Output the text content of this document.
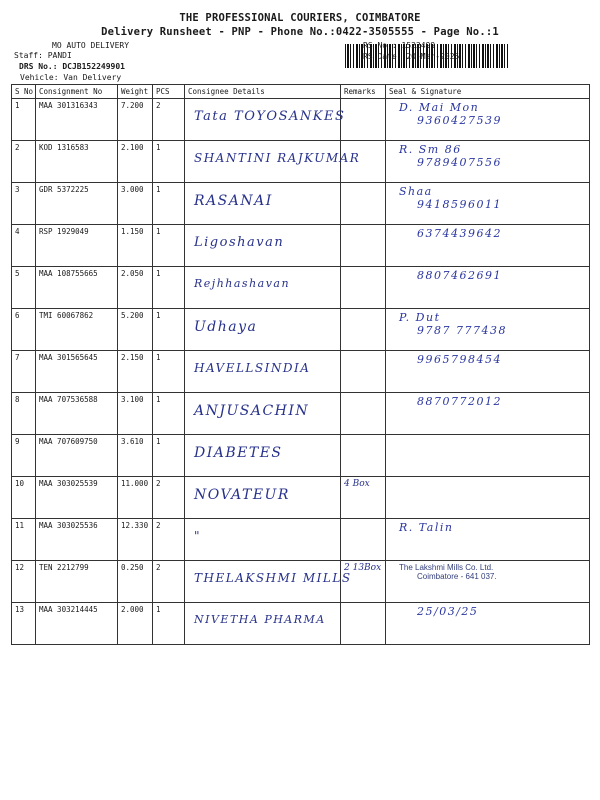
THE PROFESSIONAL COURIERS, COIMBATORE
Delivery Runsheet - PNP - Phone No.:0422-3505555 - Page No.:1
MO AUTO DELIVERY
Staff: PANDI
DRS No.: DCJB152249901
Vehicle: Van Delivery
RS No.: 1522499
RS Date: 20-Mar-2025
S No	Consignment No	Weight	PCS	Consignee Details	Remarks	Seal & Signature
1	MAA 301316343	7.200	2	Tata TOYOSANKES		D. Mai Mon
9360427539

2	KOD 1316583	2.100	1	SHANTINI RAJKUMAR		R. Sm 86
9789407556

3	GDR 5372225	3.000	1	RASANAI		Shaa
9418596011

4	RSP 1929049	1.150	1	Ligoshavan		6374439642

5	MAA 108755665	2.050	1	Rejhhashavan		8807462691

6	TMI 60067862	5.200	1	Udhaya		P. Dut
9787 777438

7	MAA 301565645	2.150	1	HAVELLSINDIA		9965798454

8	MAA 707536588	3.100	1	ANJUSACHIN		8870772012

9	MAA 707609750	3.610	1	DIABETES		

10	MAA 303025539	11.000	2	NOVATEUR	4 Box	

11	MAA 303025536	12.330	2	"		R. Talin

12	TEN 2212799	0.250	2	THELAKSHMI MILLS	2 13Box	The Lakshmi Mills Co. Ltd.
Coimbatore - 641 037.

13	MAA 303214445	2.000	1	NIVETHA PHARMA		25/03/25
